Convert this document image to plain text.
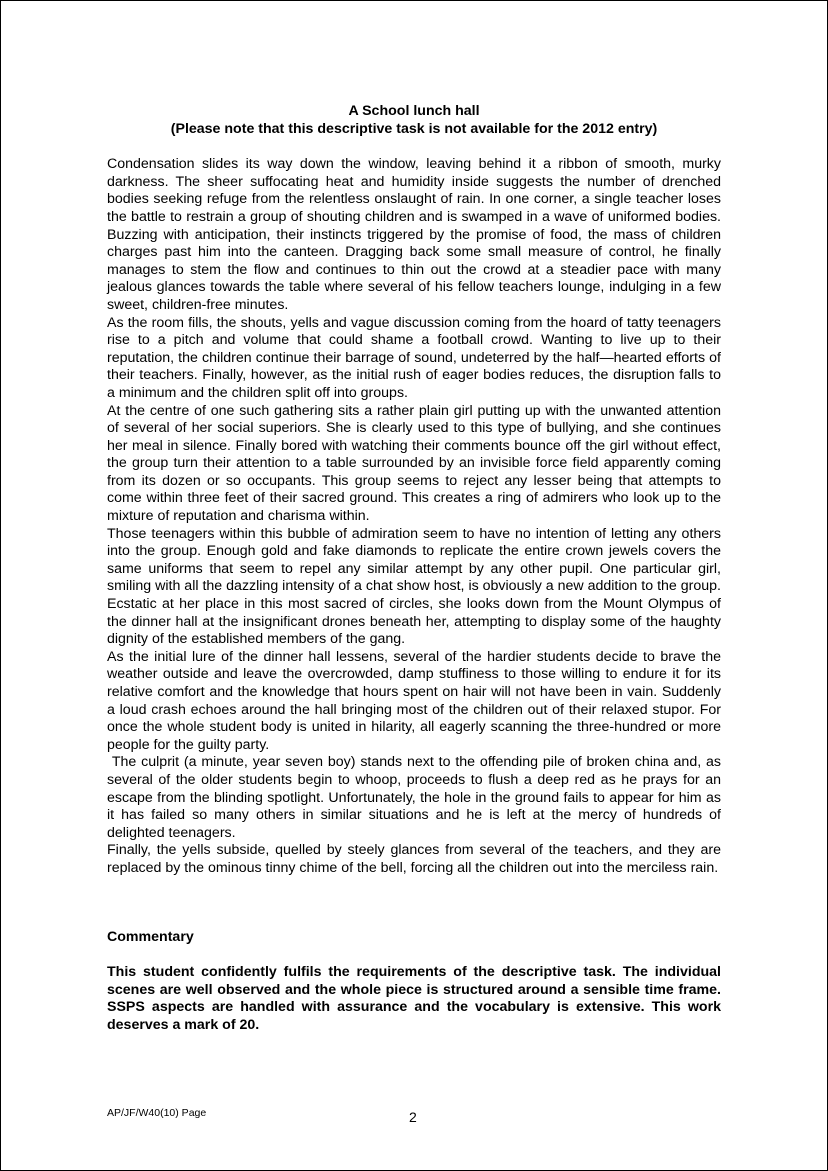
A School lunch hall

(Please note that this descriptive task is not available for the 2012 entry)

Condensation slides its way down the window, leaving behind it a ribbon of smooth, murky darkness. The sheer suffocating heat and humidity inside suggests the number of drenched bodies seeking refuge from the relentless onslaught of rain. In one corner, a single teacher loses the battle to restrain a group of shouting children and is swamped in a wave of uniformed bodies. Buzzing with anticipation, their instincts triggered by the promise of food, the mass of children charges past him into the canteen. Dragging back some small measure of control, he finally manages to stem the flow and continues to thin out the crowd at a steadier pace with many jealous glances towards the table where several of his fellow teachers lounge, indulging in a few sweet, children-free minutes.

As the room fills, the shouts, yells and vague discussion coming from the hoard of tatty teenagers rise to a pitch and volume that could shame a football crowd. Wanting to live up to their reputation, the children continue their barrage of sound, undeterred by the half—hearted efforts of their teachers. Finally, however, as the initial rush of eager bodies reduces, the disruption falls to a minimum and the children split off into groups.

At the centre of one such gathering sits a rather plain girl putting up with the unwanted attention of several of her social superiors. She is clearly used to this type of bullying, and she continues her meal in silence. Finally bored with watching their comments bounce off the girl without effect, the group turn their attention to a table surrounded by an invisible force field apparently coming from its dozen or so occupants. This group seems to reject any lesser being that attempts to come within three feet of their sacred ground. This creates a ring of admirers who look up to the mixture of reputation and charisma within.

Those teenagers within this bubble of admiration seem to have no intention of letting any others into the group. Enough gold and fake diamonds to replicate the entire crown jewels covers the same uniforms that seem to repel any similar attempt by any other pupil. One particular girl, smiling with all the dazzling intensity of a chat show host, is obviously a new addition to the group. Ecstatic at her place in this most sacred of circles, she looks down from the Mount Olympus of the dinner hall at the insignificant drones beneath her, attempting to display some of the haughty dignity of the established members of the gang.

As the initial lure of the dinner hall lessens, several of the hardier students decide to brave the weather outside and leave the overcrowded, damp stuffiness to those willing to endure it for its relative comfort and the knowledge that hours spent on hair will not have been in vain. Suddenly a loud crash echoes around the hall bringing most of the children out of their relaxed stupor. For once the whole student body is united in hilarity, all eagerly scanning the three-hundred or more people for the guilty party.

The culprit (a minute, year seven boy) stands next to the offending pile of broken china and, as several of the older students begin to whoop, proceeds to flush a deep red as he prays for an escape from the blinding spotlight. Unfortunately, the hole in the ground fails to appear for him as it has failed so many others in similar situations and he is left at the mercy of hundreds of delighted teenagers.

Finally, the yells subside, quelled by steely glances from several of the teachers, and they are replaced by the ominous tinny chime of the bell, forcing all the children out into the merciless rain.

Commentary

This student confidently fulfils the requirements of the descriptive task. The individual scenes are well observed and the whole piece is structured around a sensible time frame. SSPS aspects are handled with assurance and the vocabulary is extensive. This work deserves a mark of 20.

AP/JF/W40(10) Page	2
